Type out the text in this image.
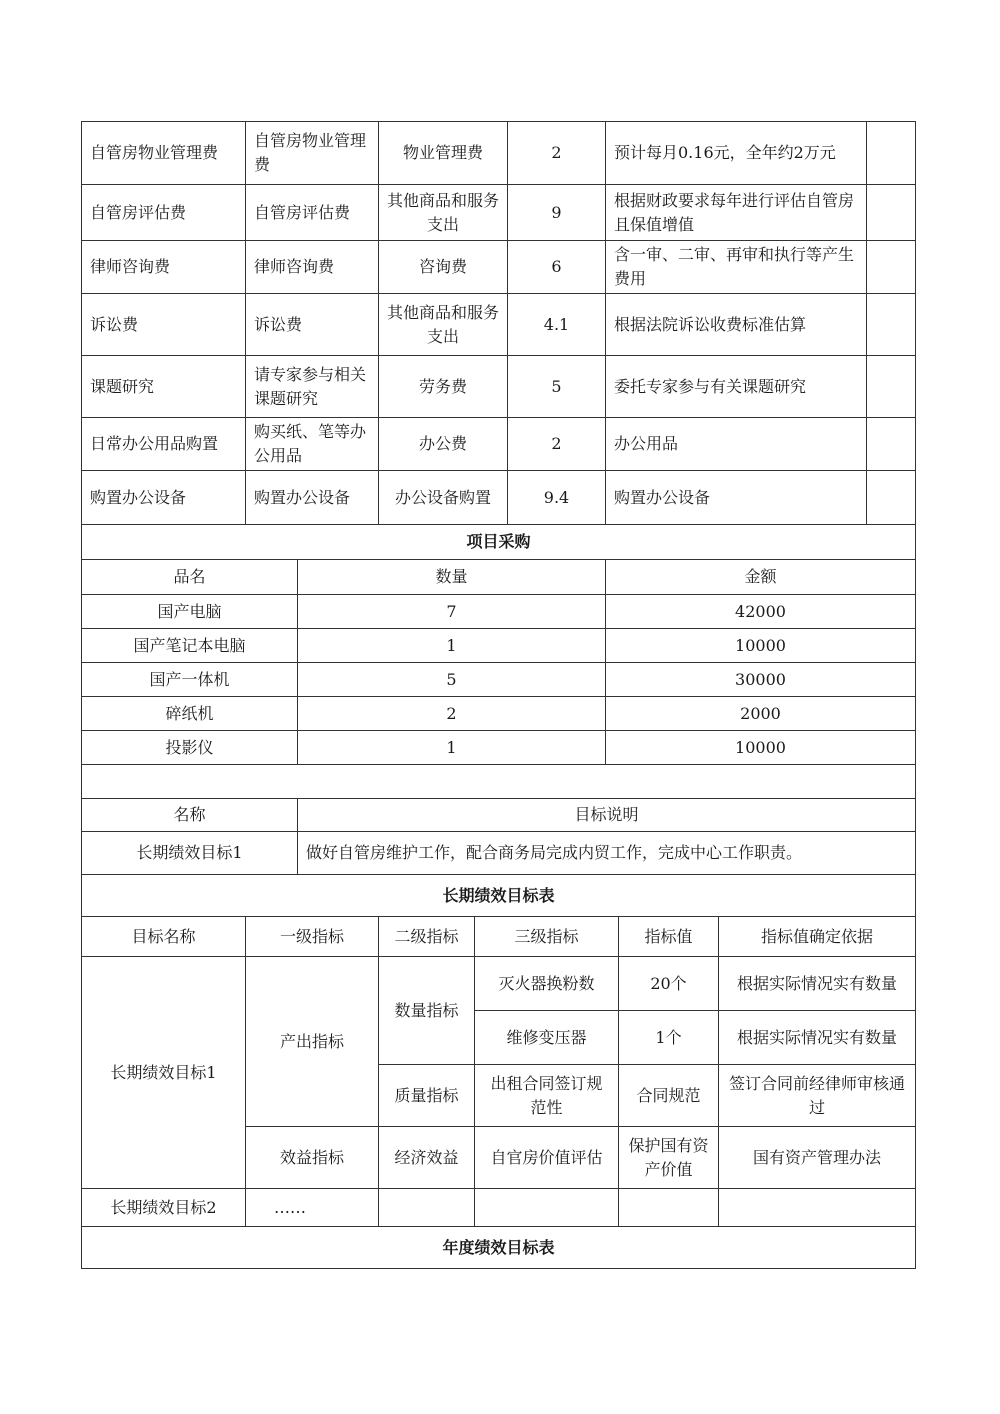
自管房物业管理费	自管房物业管理费	物业管理费	2	预计每月0.16元，全年约2万元	
自管房评估费	自管房评估费	其他商品和服务支出	9	根据财政要求每年进行评估自管房且保值增值	
律师咨询费	律师咨询费	咨询费	6	含一审、二审、再审和执行等产生费用	
诉讼费	诉讼费	其他商品和服务支出	4.1	根据法院诉讼收费标准估算	
课题研究	请专家参与相关课题研究	劳务费	5	委托专家参与有关课题研究	
日常办公用品购置	购买纸、笔等办公用品	办公费	2	办公用品	
购置办公设备	购置办公设备	办公设备购置	9.4	购置办公设备	
项目采购		
品名	数量	金额
国产电脑	7	42000
国产笔记本电脑	1	10000
国产一体机	5	30000
碎纸机	2	2000
投影仪	1	10000

名称	目标说明	
长期绩效目标1	做好自管房维护工作，配合商务局完成内贸工作，完成中心工作职责。	
长期绩效目标表		
目标名称	一级指标	二级指标	三级指标	指标值	指标值确定依据
长期绩效目标1	产出指标	数量指标	灭火器换粉数	20个	根据实际情况实有数量
			维修变压器	1个	根据实际情况实有数量
		质量指标	出租合同签订规范性	合同规范	签订合同前经律师审核通过
	效益指标	经济效益	自官房价值评估	保护国有资产价值	国有资产管理办法

长期绩效目标2	……				
年度绩效目标表					
